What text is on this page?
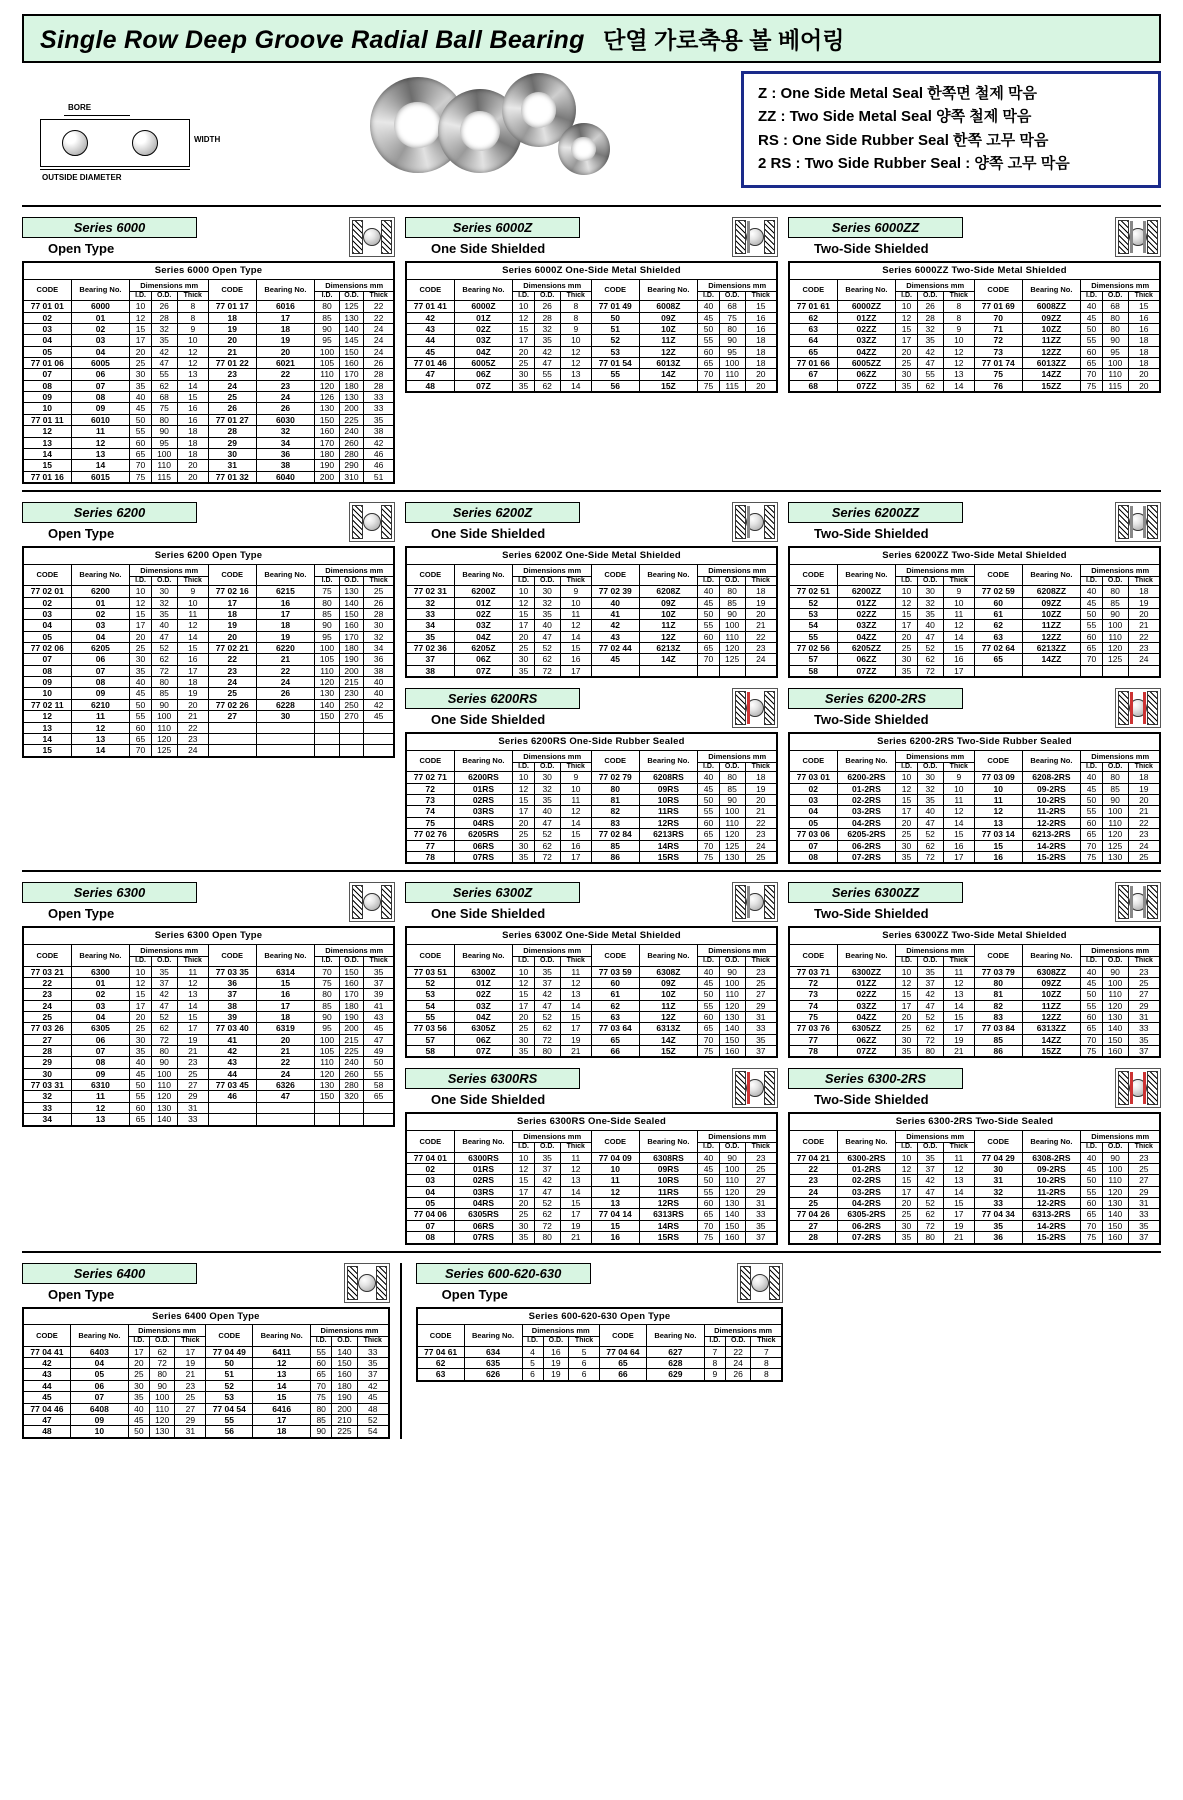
Single Row Deep Groove Radial Ball Bearing 단열 가로축용 볼 베어링
BORE
WIDTH
OUTSIDE DIAMETER
Z : One Side Metal Seal 한쪽면 철제 막음
ZZ : Two Side Metal Seal 양쪽 철제 막음
RS : One Side Rubber Seal 한쪽 고무 막음
2 RS : Two Side Rubber Seal : 양쪽 고무 막음
Series 6000
Open Type
Series 6000 Open Type									
CODE	Bearing No.	Dimensions mm			CODE	Bearing No.	Dimensions mm		
		I.D.	O.D.	Thick			I.D.	O.D.	Thick
77 01 01	6000	10	26	8	77 01 17	6016	80	125	22
02	01	12	28	8	18	17	85	130	22
03	02	15	32	9	19	18	90	140	24
04	03	17	35	10	20	19	95	145	24
05	04	20	42	12	21	20	100	150	24
77 01 06	6005	25	47	12	77 01 22	6021	105	160	26
07	06	30	55	13	23	22	110	170	28
08	07	35	62	14	24	23	120	180	28
09	08	40	68	15	25	24	126	130	33
10	09	45	75	16	26	26	130	200	33
77 01 11	6010	50	80	16	77 01 27	6030	150	225	35
12	11	55	90	18	28	32	160	240	38
13	12	60	95	18	29	34	170	260	42
14	13	65	100	18	30	36	180	280	46
15	14	70	110	20	31	38	190	290	46
77 01 16	6015	75	115	20	77 01 32	6040	200	310	51
Series 6000Z
One Side Shielded
Series 6000Z One-Side Metal Shielded									
CODE	Bearing No.	Dimensions mm			CODE	Bearing No.	Dimensions mm		
		I.D.	O.D.	Thick			I.D.	O.D.	Thick
77 01 41	6000Z	10	26	8	77 01 49	6008Z	40	68	15
42	01Z	12	28	8	50	09Z	45	75	16
43	02Z	15	32	9	51	10Z	50	80	16
44	03Z	17	35	10	52	11Z	55	90	18
45	04Z	20	42	12	53	12Z	60	95	18
77 01 46	6005Z	25	47	12	77 01 54	6013Z	65	100	18
47	06Z	30	55	13	55	14Z	70	110	20
48	07Z	35	62	14	56	15Z	75	115	20
Series 6000ZZ
Two-Side Shielded
Series 6000ZZ Two-Side Metal Shielded									
CODE	Bearing No.	Dimensions mm			CODE	Bearing No.	Dimensions mm		
		I.D.	O.D.	Thick			I.D.	O.D.	Thick
77 01 61	6000ZZ	10	26	8	77 01 69	6008ZZ	40	68	15
62	01ZZ	12	28	8	70	09ZZ	45	80	16
63	02ZZ	15	32	9	71	10ZZ	50	80	16
64	03ZZ	17	35	10	72	11ZZ	55	90	18
65	04ZZ	20	42	12	73	12ZZ	60	95	18
77 01 66	6005ZZ	25	47	12	77 01 74	6013ZZ	65	100	18
67	06ZZ	30	55	13	75	14ZZ	70	110	20
68	07ZZ	35	62	14	76	15ZZ	75	115	20
Series 6200
Open Type
Series 6200 Open Type									
CODE	Bearing No.	Dimensions mm			CODE	Bearing No.	Dimensions mm		
		I.D.	O.D.	Thick			I.D.	O.D.	Thick
77 02 01	6200	10	30	9	77 02 16	6215	75	130	25
02	01	12	32	10	17	16	80	140	26
03	02	15	35	11	18	17	85	150	28
04	03	17	40	12	19	18	90	160	30
05	04	20	47	14	20	19	95	170	32
77 02 06	6205	25	52	15	77 02 21	6220	100	180	34
07	06	30	62	16	22	21	105	190	36
08	07	35	72	17	23	22	110	200	38
09	08	40	80	18	24	24	120	215	40
10	09	45	85	19	25	26	130	230	40
77 02 11	6210	50	90	20	77 02 26	6228	140	250	42
12	11	55	100	21	27	30	150	270	45
13	12	60	110	22					
14	13	65	120	23					
15	14	70	125	24					
Series 6200Z
One Side Shielded
Series 6200Z One-Side Metal Shielded									
CODE	Bearing No.	Dimensions mm			CODE	Bearing No.	Dimensions mm		
		I.D.	O.D.	Thick			I.D.	O.D.	Thick
77 02 31	6200Z	10	30	9	77 02 39	6208Z	40	80	18
32	01Z	12	32	10	40	09Z	45	85	19
33	02Z	15	35	11	41	10Z	50	90	20
34	03Z	17	40	12	42	11Z	55	100	21
35	04Z	20	47	14	43	12Z	60	110	22
77 02 36	6205Z	25	52	15	77 02 44	6213Z	65	120	23
37	06Z	30	62	16	45	14Z	70	125	24
38	07Z	35	72	17					
Series 6200RS
One Side Shielded
Series 6200RS One-Side Rubber Sealed									
CODE	Bearing No.	Dimensions mm			CODE	Bearing No.	Dimensions mm		
		I.D.	O.D.	Thick			I.D.	O.D.	Thick
77 02 71	6200RS	10	30	9	77 02 79	6208RS	40	80	18
72	01RS	12	32	10	80	09RS	45	85	19
73	02RS	15	35	11	81	10RS	50	90	20
74	03RS	17	40	12	82	11RS	55	100	21
75	04RS	20	47	14	83	12RS	60	110	22
77 02 76	6205RS	25	52	15	77 02 84	6213RS	65	120	23
77	06RS	30	62	16	85	14RS	70	125	24
78	07RS	35	72	17	86	15RS	75	130	25
Series 6200ZZ
Two-Side Shielded
Series 6200ZZ Two-Side Metal Shielded									
CODE	Bearing No.	Dimensions mm			CODE	Bearing No.	Dimensions mm		
		I.D.	O.D.	Thick			I.D.	O.D.	Thick
77 02 51	6200ZZ	10	30	9	77 02 59	6208ZZ	40	80	18
52	01ZZ	12	32	10	60	09ZZ	45	85	19
53	02ZZ	15	35	11	61	10ZZ	50	90	20
54	03ZZ	17	40	12	62	11ZZ	55	100	21
55	04ZZ	20	47	14	63	12ZZ	60	110	22
77 02 56	6205ZZ	25	52	15	77 02 64	6213ZZ	65	120	23
57	06ZZ	30	62	16	65	14ZZ	70	125	24
58	07ZZ	35	72	17					
Series 6200-2RS
Two-Side Shielded
Series 6200-2RS Two-Side Rubber Sealed									
CODE	Bearing No.	Dimensions mm			CODE	Bearing No.	Dimensions mm		
		I.D.	O.D.	Thick			I.D.	O.D.	Thick
77 03 01	6200-2RS	10	30	9	77 03 09	6208-2RS	40	80	18
02	01-2RS	12	32	10	10	09-2RS	45	85	19
03	02-2RS	15	35	11	11	10-2RS	50	90	20
04	03-2RS	17	40	12	12	11-2RS	55	100	21
05	04-2RS	20	47	14	13	12-2RS	60	110	22
77 03 06	6205-2RS	25	52	15	77 03 14	6213-2RS	65	120	23
07	06-2RS	30	62	16	15	14-2RS	70	125	24
08	07-2RS	35	72	17	16	15-2RS	75	130	25
Series 6300
Open Type
Series 6300 Open Type									
CODE	Bearing No.	Dimensions mm			CODE	Bearing No.	Dimensions mm		
		I.D.	O.D.	Thick			I.D.	O.D.	Thick
77 03 21	6300	10	35	11	77 03 35	6314	70	150	35
22	01	12	37	12	36	15	75	160	37
23	02	15	42	13	37	16	80	170	39
24	03	17	47	14	38	17	85	180	41
25	04	20	52	15	39	18	90	190	43
77 03 26	6305	25	62	17	77 03 40	6319	95	200	45
27	06	30	72	19	41	20	100	215	47
28	07	35	80	21	42	21	105	225	49
29	08	40	90	23	43	22	110	240	50
30	09	45	100	25	44	24	120	260	55
77 03 31	6310	50	110	27	77 03 45	6326	130	280	58
32	11	55	120	29	46	47	150	320	65
33	12	60	130	31					
34	13	65	140	33					
Series 6300Z
One Side Shielded
Series 6300Z One-Side Metal Shielded									
CODE	Bearing No.	Dimensions mm			CODE	Bearing No.	Dimensions mm		
		I.D.	O.D.	Thick			I.D.	O.D.	Thick
77 03 51	6300Z	10	35	11	77 03 59	6308Z	40	90	23
52	01Z	12	37	12	60	09Z	45	100	25
53	02Z	15	42	13	61	10Z	50	110	27
54	03Z	17	47	14	62	11Z	55	120	29
55	04Z	20	52	15	63	12Z	60	130	31
77 03 56	6305Z	25	62	17	77 03 64	6313Z	65	140	33
57	06Z	30	72	19	65	14Z	70	150	35
58	07Z	35	80	21	66	15Z	75	160	37
Series 6300RS
One Side Shielded
Series 6300RS One-Side Sealed									
CODE	Bearing No.	Dimensions mm			CODE	Bearing No.	Dimensions mm		
		I.D.	O.D.	Thick			I.D.	O.D.	Thick
77 04 01	6300RS	10	35	11	77 04 09	6308RS	40	90	23
02	01RS	12	37	12	10	09RS	45	100	25
03	02RS	15	42	13	11	10RS	50	110	27
04	03RS	17	47	14	12	11RS	55	120	29
05	04RS	20	52	15	13	12RS	60	130	31
77 04 06	6305RS	25	62	17	77 04 14	6313RS	65	140	33
07	06RS	30	72	19	15	14RS	70	150	35
08	07RS	35	80	21	16	15RS	75	160	37
Series 6300ZZ
Two-Side Shielded
Series 6300ZZ Two-Side Metal Shielded									
CODE	Bearing No.	Dimensions mm			CODE	Bearing No.	Dimensions mm		
		I.D.	O.D.	Thick			I.D.	O.D.	Thick
77 03 71	6300ZZ	10	35	11	77 03 79	6308ZZ	40	90	23
72	01ZZ	12	37	12	80	09ZZ	45	100	25
73	02ZZ	15	42	13	81	10ZZ	50	110	27
74	03ZZ	17	47	14	82	11ZZ	55	120	29
75	04ZZ	20	52	15	83	12ZZ	60	130	31
77 03 76	6305ZZ	25	62	17	77 03 84	6313ZZ	65	140	33
77	06ZZ	30	72	19	85	14ZZ	70	150	35
78	07ZZ	35	80	21	86	15ZZ	75	160	37
Series 6300-2RS
Two-Side Shielded
Series 6300-2RS Two-Side Sealed									
CODE	Bearing No.	Dimensions mm			CODE	Bearing No.	Dimensions mm		
		I.D.	O.D.	Thick			I.D.	O.D.	Thick
77 04 21	6300-2RS	10	35	11	77 04 29	6308-2RS	40	90	23
22	01-2RS	12	37	12	30	09-2RS	45	100	25
23	02-2RS	15	42	13	31	10-2RS	50	110	27
24	03-2RS	17	47	14	32	11-2RS	55	120	29
25	04-2RS	20	52	15	33	12-2RS	60	130	31
77 04 26	6305-2RS	25	62	17	77 04 34	6313-2RS	65	140	33
27	06-2RS	30	72	19	35	14-2RS	70	150	35
28	07-2RS	35	80	21	36	15-2RS	75	160	37
Series 6400
Open Type
Series 6400 Open Type									
CODE	Bearing No.	Dimensions mm			CODE	Bearing No.	Dimensions mm		
		I.D.	O.D.	Thick			I.D.	O.D.	Thick
77 04 41	6403	17	62	17	77 04 49	6411	55	140	33
42	04	20	72	19	50	12	60	150	35
43	05	25	80	21	51	13	65	160	37
44	06	30	90	23	52	14	70	180	42
45	07	35	100	25	53	15	75	190	45
77 04 46	6408	40	110	27	77 04 54	6416	80	200	48
47	09	45	120	29	55	17	85	210	52
48	10	50	130	31	56	18	90	225	54
Series 600-620-630
Open Type
Series 600-620-630 Open Type									
CODE	Bearing No.	Dimensions mm			CODE	Bearing No.	Dimensions mm		
		I.D.	O.D.	Thick			I.D.	O.D.	Thick
77 04 61	634	4	16	5	77 04 64	627	7	22	7
62	635	5	19	6	65	628	8	24	8
63	626	6	19	6	66	629	9	26	8
